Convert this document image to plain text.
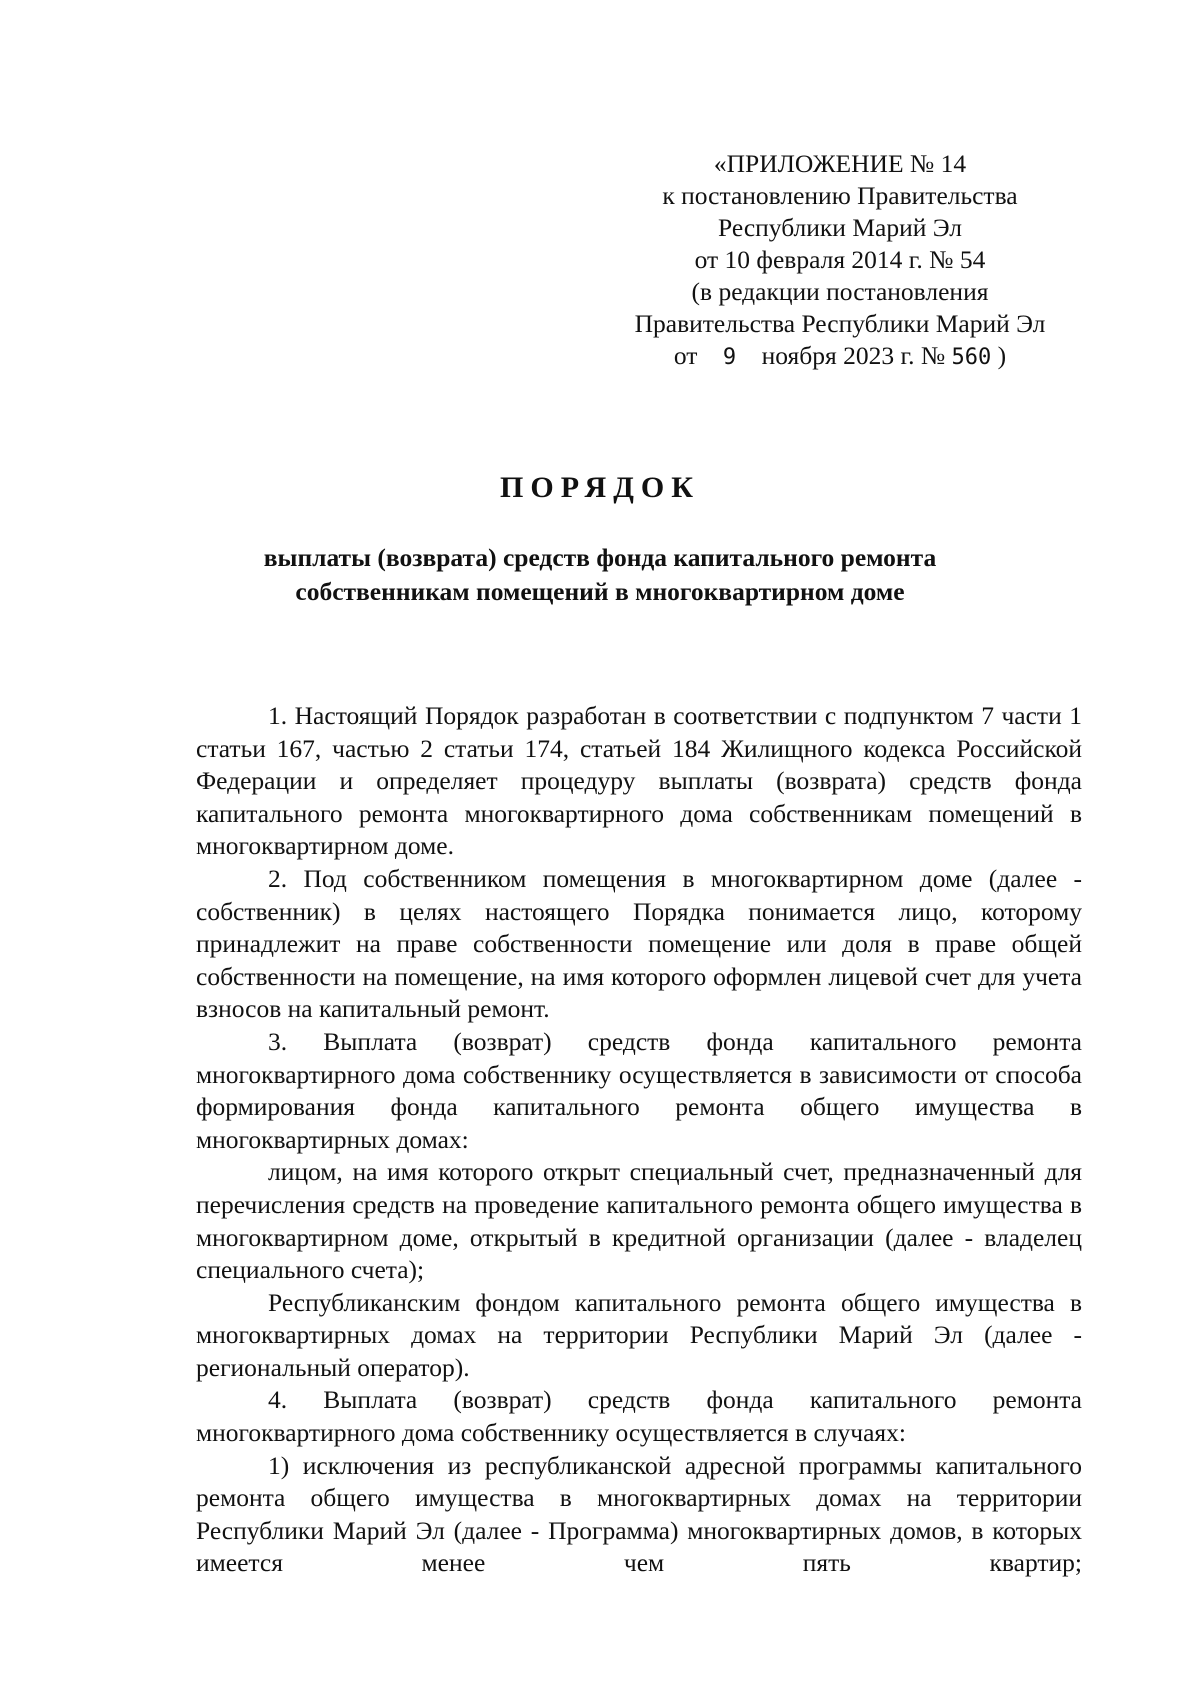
«ПРИЛОЖЕНИЕ № 14
к постановлению Правительства
Республики Марий Эл
от 10 февраля 2014 г. № 54
(в редакции постановления
Правительства Республики Марий Эл
от 9 ноября 2023 г. № 560 )
ПОРЯДОК
выплаты (возврата) средств фонда капитального ремонта
собственникам помещений в многоквартирном доме

1. Настоящий Порядок разработан в соответствии с подпунктом 7 части 1 статьи 167, частью 2 статьи 174, статьей 184 Жилищного кодекса Российской Федерации и определяет процедуру выплаты (возврата) средств фонда капитального ремонта многоквартирного дома собственникам помещений в многоквартирном доме.

2. Под собственником помещения в многоквартирном доме (далее - собственник) в целях настоящего Порядка понимается лицо, которому принадлежит на праве собственности помещение или доля в праве общей собственности на помещение, на имя которого оформлен лицевой счет для учета взносов на капитальный ремонт.

3. Выплата (возврат) средств фонда капитального ремонта многоквартирного дома собственнику осуществляется в зависимости от способа формирования фонда капитального ремонта общего имущества в многоквартирных домах:

лицом, на имя которого открыт специальный счет, предназначенный для перечисления средств на проведение капитального ремонта общего имущества в многоквартирном доме, открытый в кредитной организации (далее - владелец специального счета);

Республиканским фондом капитального ремонта общего имущества в многоквартирных домах на территории Республики Марий Эл (далее - региональный оператор).

4. Выплата (возврат) средств фонда капитального ремонта многоквартирного дома собственнику осуществляется в случаях:

1) исключения из республиканской адресной программы капитального ремонта общего имущества в многоквартирных домах на территории Республики Марий Эл (далее - Программа) многоквартирных домов, в которых имеется менее чем пять квартир;
